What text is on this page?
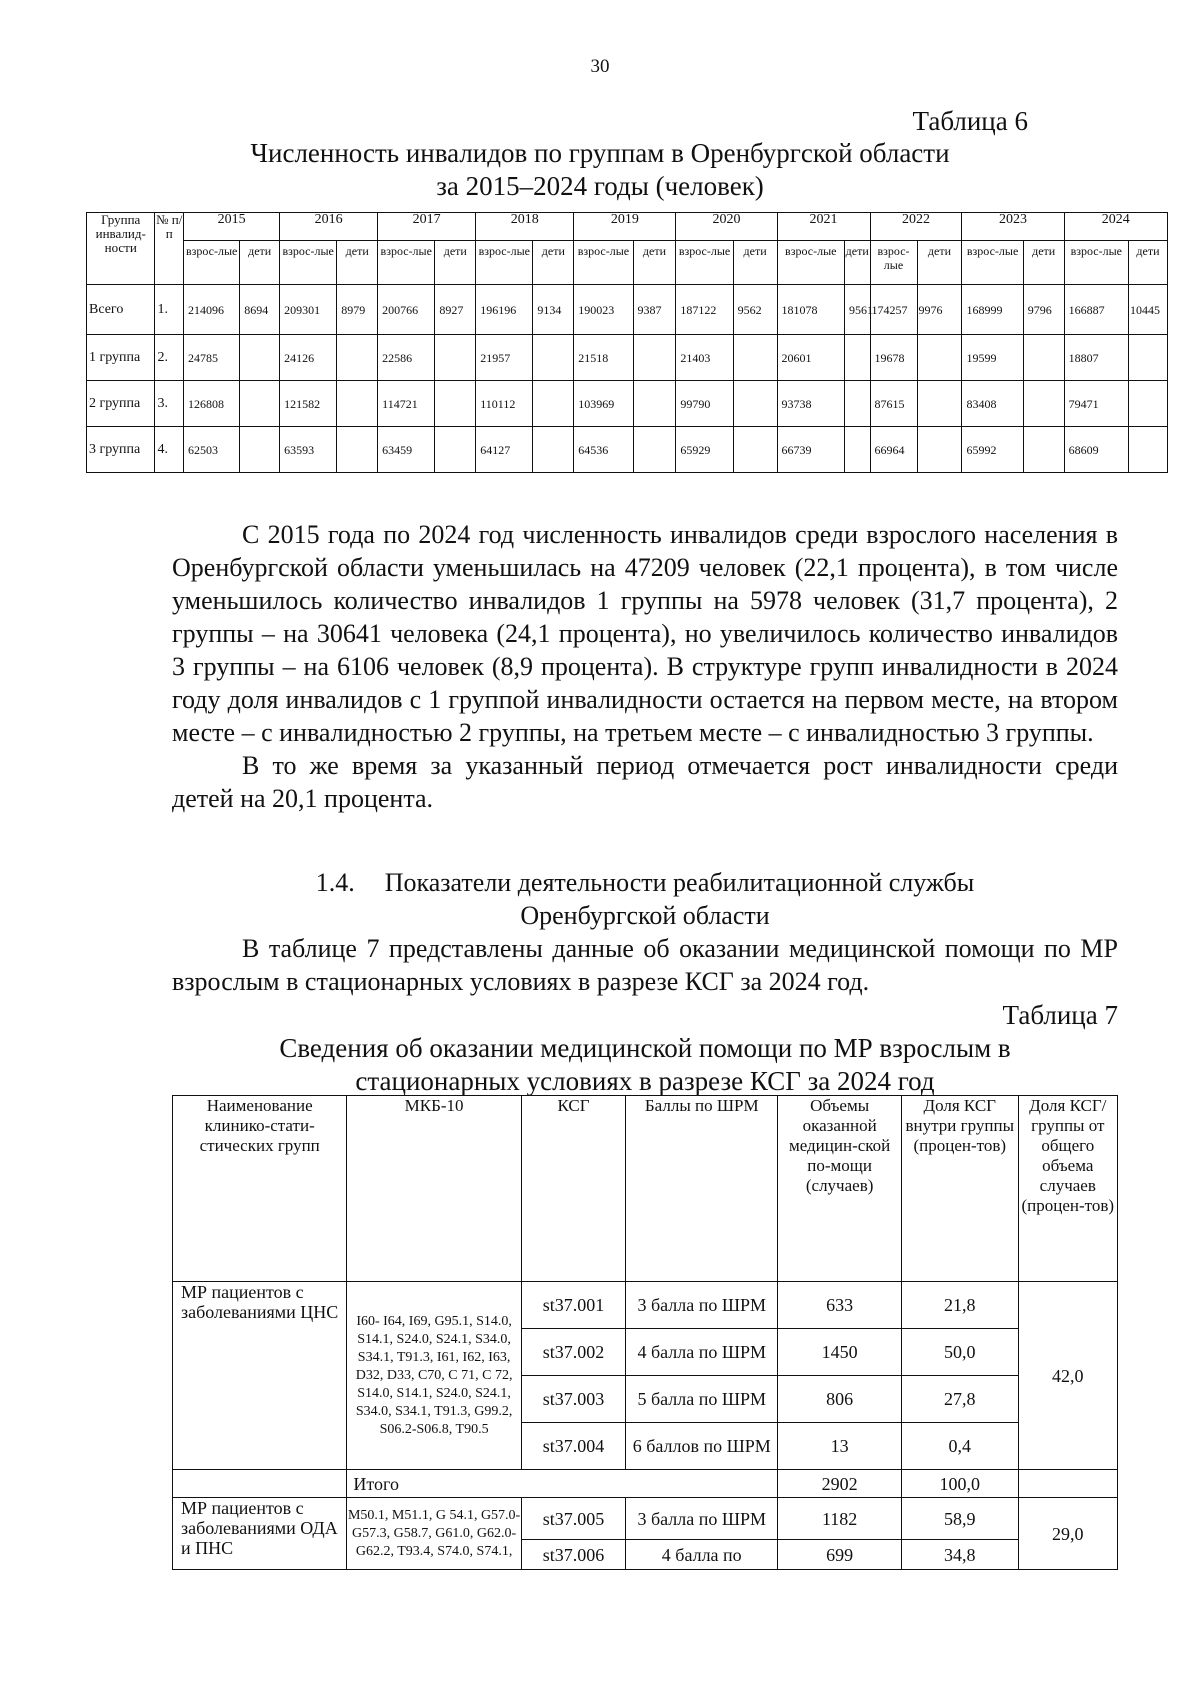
30
Таблица 6
Численность инвалидов по группам в Оренбургской области
за 2015–2024 годы (человек)
Группа инвалид-ности	№ п/п	2015		2016		2017		2018		2019		2020		2021		2022		2023		2024	
		взрос-лые	дети	взрос-лые	дети	взрос-лые	дети	взрос-лые	дети	взрос-лые	дети	взрос-лые	дети	взрос-лые	дети	взрос-лые	дети	взрос-лые	дети	взрос-лые	дети
Всего	1.	214096	8694	209301	8979	200766	8927	196196	9134	190023	9387	187122	9562	181078	9561	174257	9976	168999	9796	166887	10445
1 группа	2.	24785		24126		22586		21957		21518		21403		20601		19678		19599		18807	
2 группа	3.	126808		121582		114721		110112		103969		99790		93738		87615		83408		79471	
3 группа	4.	62503		63593		63459		64127		64536		65929		66739		66964		65992		68609	

С 2015 года по 2024 год численность инвалидов среди взрослого населения в Оренбургской области уменьшилась на 47209 человек (22,1 процента), в том числе уменьшилось количество инвалидов 1 группы на 5978 человек (31,7 процента), 2 группы – на 30641 человека (24,1 процента), но увеличилось количество инвалидов 3 группы – на 6106 человек (8,9 процента). В структуре групп инвалидности в 2024 году доля инвалидов с 1 группой инвалидности остается на первом месте, на втором месте – с инвалидностью 2 группы, на третьем месте – с инвалидностью 3 группы.

В то же время за указанный период отмечается рост инвалидности среди детей на 20,1 процента.

1.4. Показатели деятельности реабилитационной службы
Оренбургской области

В таблице 7 представлены данные об оказании медицинской помощи по МР взрослым в стационарных условиях в разрезе КСГ за 2024 год.

Таблица 7
Сведения об оказании медицинской помощи по МР взрослым в
стационарных условиях в разрезе КСГ за 2024 год
Наименование клинико-стати-стических групп	МКБ-10	КСГ	Баллы по ШРМ	Объемы оказанной медицин-ской по-мощи (случаев)	Доля КСГ внутри группы (процен-тов)	Доля КСГ/ группы от общего объема случаев (процен-тов)
МР пациентов с заболеваниями ЦНС	I60- I64, I69, G95.1, S14.0, S14.1, S24.0, S24.1, S34.0, S34.1, T91.3, I61, I62, I63, D32, D33, C70, C 71, C 72, S14.0, S14.1, S24.0, S24.1, S34.0, S34.1, T91.3, G99.2, S06.2-S06.8, T90.5	st37.001	3 балла по ШРМ	633	21,8	42,0
		st37.002	4 балла по ШРМ	1450	50,0	
		st37.003	5 балла по ШРМ	806	27,8	
		st37.004	6 баллов по ШРМ	13	0,4	
	Итого			2902	100,0	
МР пациентов с заболеваниями ОДА и ПНС	M50.1, M51.1, G 54.1, G57.0-G57.3, G58.7, G61.0, G62.0-G62.2, T93.4, S74.0, S74.1,	st37.005	3 балла по ШРМ	1182	58,9	29,0
		st37.006	4 балла по	699	34,8	
